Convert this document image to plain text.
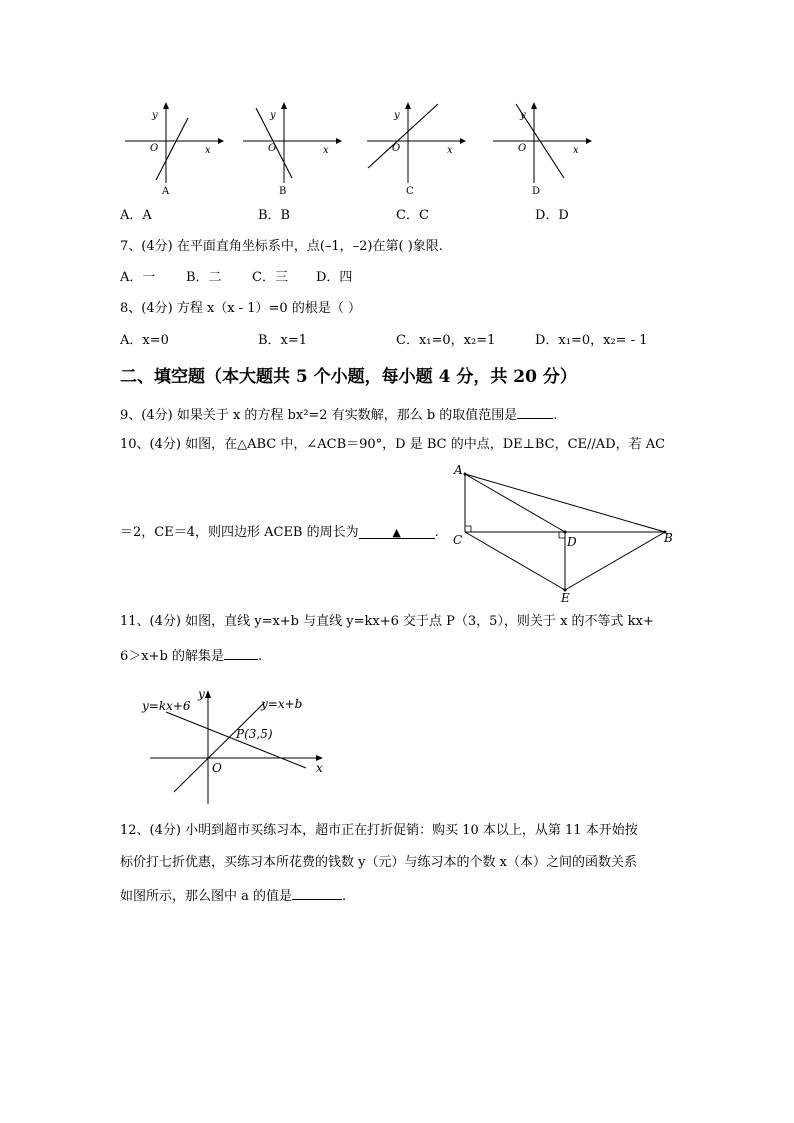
y
x
O
A
y
x
O
B
y
x
O
C
y
x
O
D
A．A	B．B	C．C	D．D
7、(4分) 在平面直角坐标系中，点(–1，–2)在第( )象限.
A．一 B．二 C．三 D．四
8、(4分) 方程 x（x - 1）=0 的根是（ ）
A．x=0	B．x=1	C．x₁=0，x₂=1	D．x₁=0，x₂= - 1
二、填空题（本大题共 5 个小题，每小题 4 分，共 20 分）
9、(4分) 如果关于 x 的方程 bx²=2 有实数解，那么 b 的取值范围是	.
10、(4分) 如图，在△ABC 中，∠ACB＝90°，D 是 BC 的中点，DE⊥BC，CE//AD，若 AC
＝2，CE＝4，则四边形 ACEB 的周长为	▲	.
A
C	D	B
E
11、(4分) 如图，直线 y=x+b 与直线 y=kx+6 交于点 P（3，5），则关于 x 的不等式 kx+
6＞x+b 的解集是	.
y=kx+6	y=x+b
P(3,5)
x
y
O
12、(4分) 小明到超市买练习本，超市正在打折促销：购买 10 本以上，从第 11 本开始按
标价打七折优惠，买练习本所花费的钱数 y（元）与练习本的个数 x（本）之间的函数关系
如图所示，那么图中 a 的值是	.
